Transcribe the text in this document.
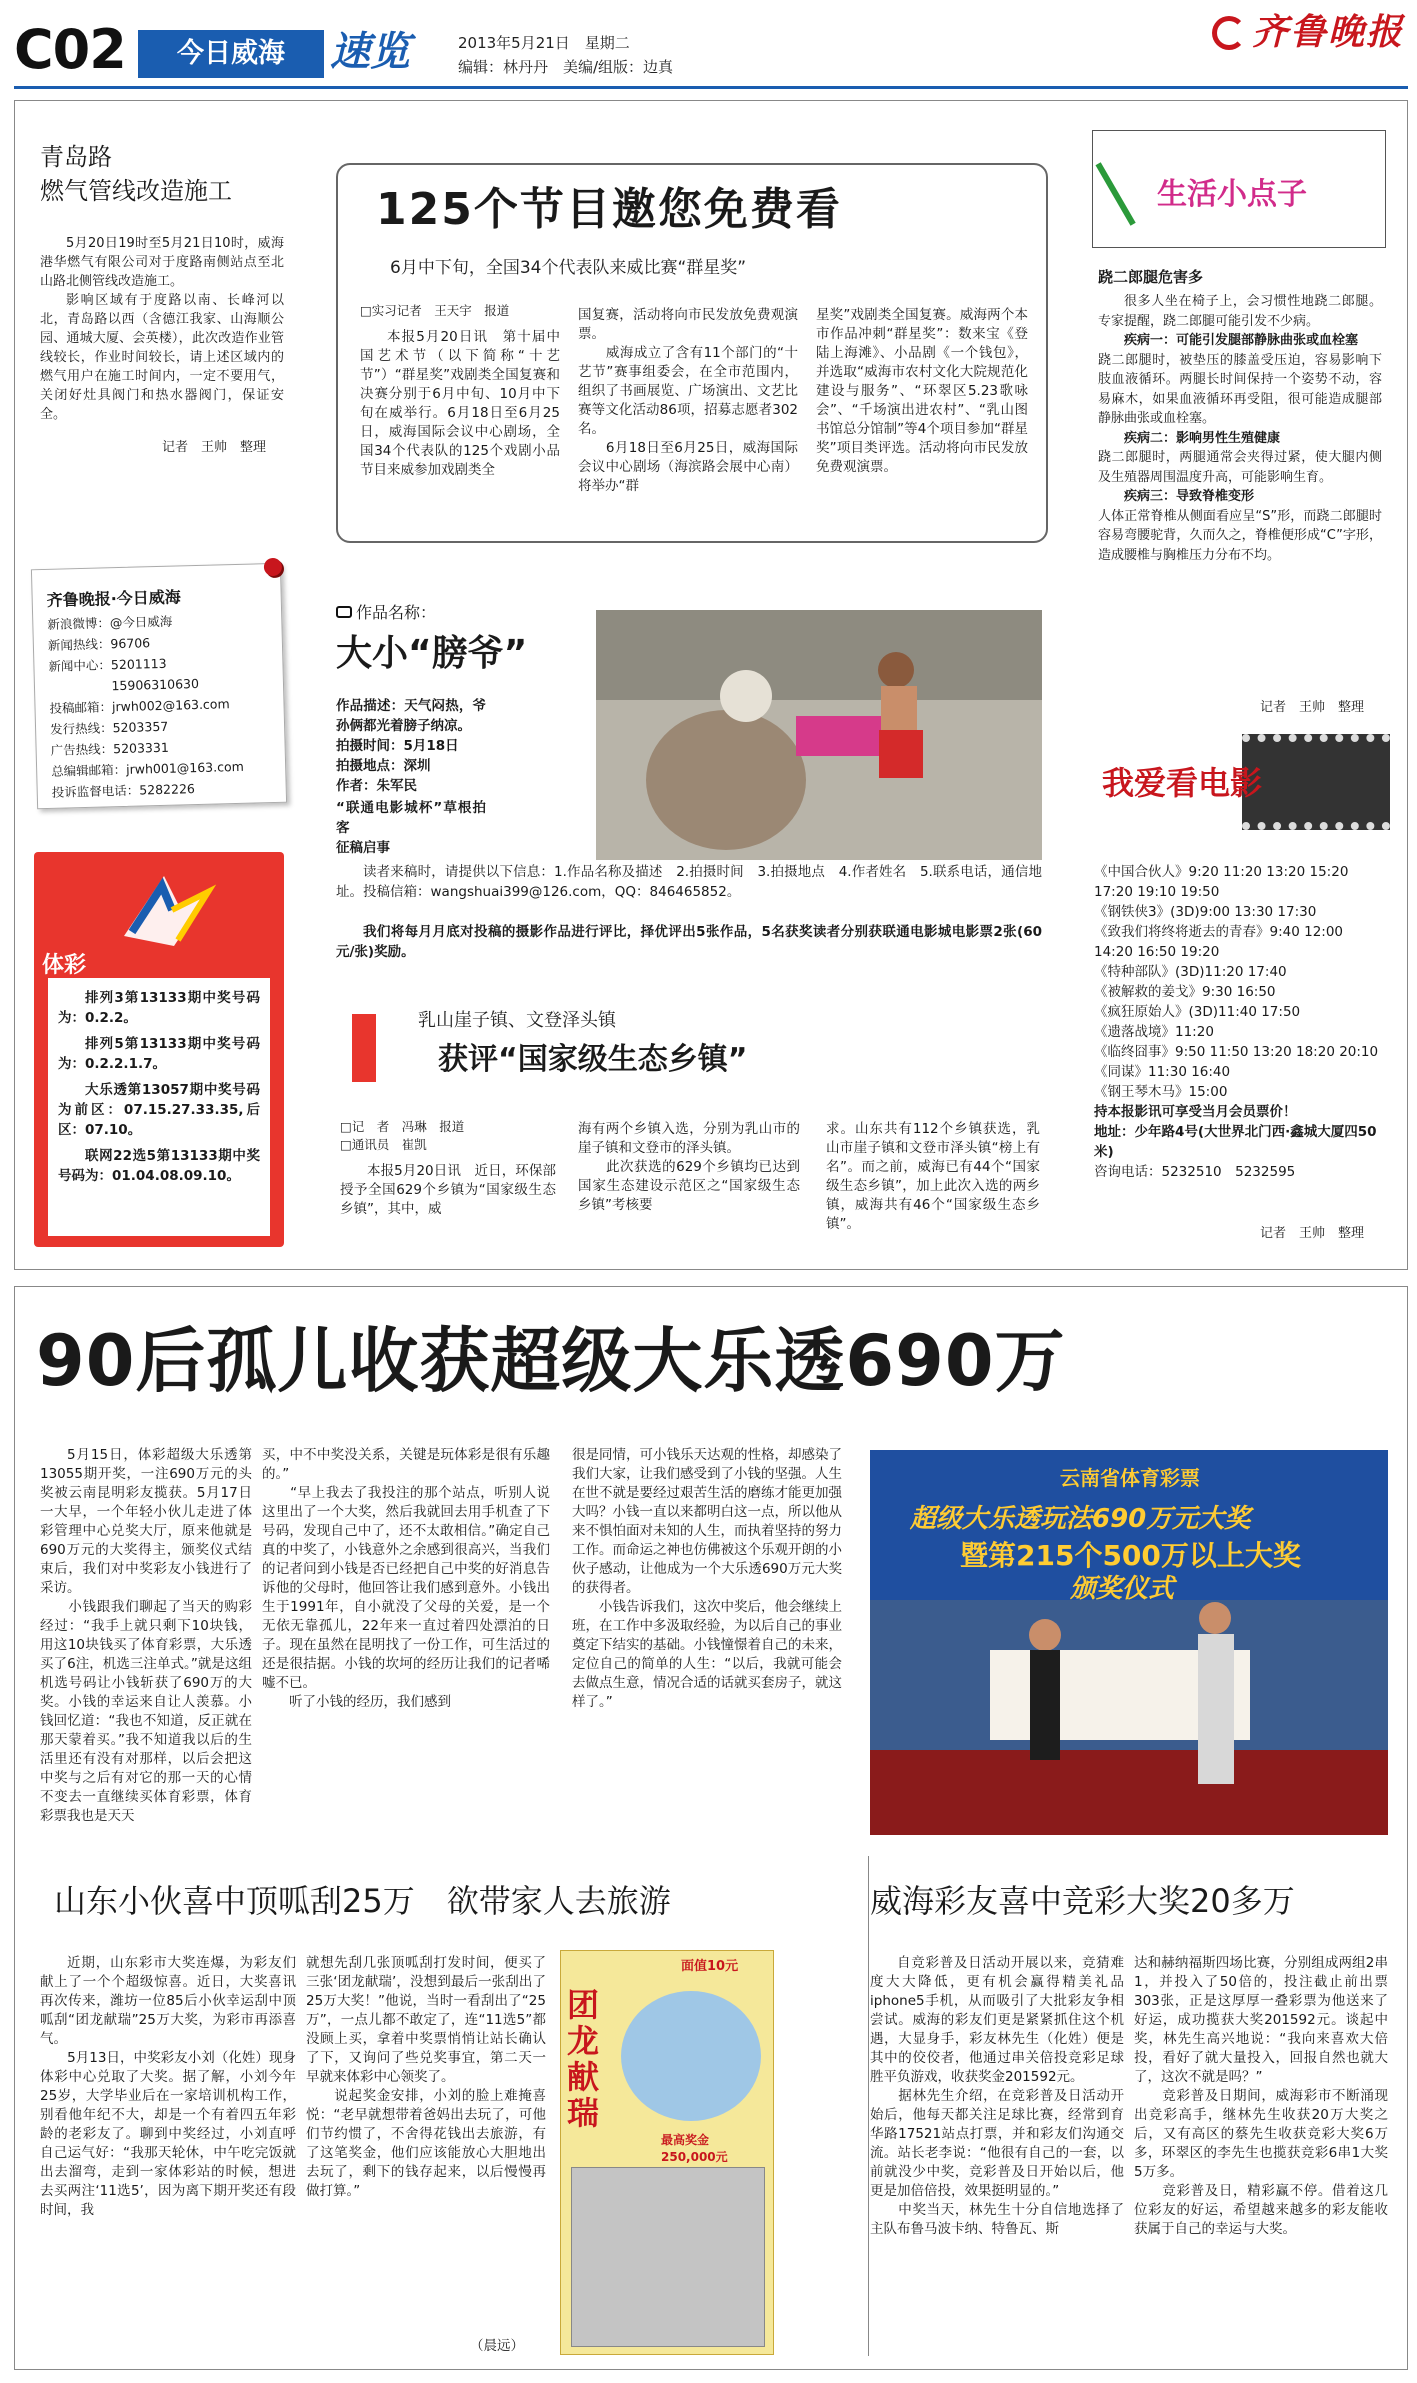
C02	今日威海	速览	2013年5月21日　星期二
编辑：林丹丹　美编/组版：边真
齐鲁晚报
青岛路
燃气管线改造施工

5月20日19时至5月21日10时，威海港华燃气有限公司对于度路南侧站点至北山路北侧管线改造施工。

影响区域有于度路以南、长峰河以北，青岛路以西（含德江我家、山海顺公园、通城大厦、会英楼），此次改造作业管线较长，作业时间较长，请上述区域内的燃气用户在施工时间内，一定不要用气，关闭好灶具阀门和热水器阀门，保证安全。

记者　王帅　整理
齐鲁晚报·今日威海
新浪微博：@今日威海
新闻热线：96706
新闻中心：5201113
　　　　　15906310630
投稿邮箱：jrwh002@163.com
发行热线：5203357
广告热线：5203331
总编辑邮箱：jrwh001@163.com
投诉监督电话：5282226
体彩

排列3第13133期中奖号码为：0.2.2。

排列5第13133期中奖号码为：0.2.2.1.7。

大乐透第13057期中奖号码为前区：07.15.27.33.35,后区：07.10。

联网22选5第13133期中奖号码为：01.04.08.09.10。

125个节目邀您免费看
6月中下旬，全国34个代表队来威比赛“群星奖”
□实习记者　王天宇　报道
本报5月20日讯　第十届中国艺术节（以下简称“十艺节”）“群星奖”戏剧类全国复赛和决赛分别于6月中旬、10月中下旬在威举行。6月18日至6月25日，威海国际会议中心剧场，全国34个代表队的125个戏剧小品节目来威参加戏剧类全
国复赛，活动将向市民发放免费观演票。
　　威海成立了含有11个部门的“十艺节”赛事组委会，在全市范围内，组织了书画展览、广场演出、文艺比赛等文化活动86项，招募志愿者302名。
　　6月18日至6月25日，威海国际会议中心剧场（海滨路会展中心南）将举办“群
星奖”戏剧类全国复赛。威海两个本市作品冲刺“群星奖”：数来宝《登陆上海滩》、小品剧《一个钱包》，并选取“威海市农村文化大院规范化建设与服务”、“环翠区5.23歌咏会”、“千场演出进农村”、“乳山图书馆总分馆制”等4个项目参加“群星奖”项目类评选。活动将向市民发放免费观演票。
作品名称：
大小“膀爷”
作品描述：天气闷热，爷孙俩都光着膀子纳凉。
拍摄时间：5月18日
拍摄地点：深圳
作者：朱军民
“联通电影城杯”草根拍客
征稿启事
读者来稿时，请提供以下信息：1.作品名称及描述　2.拍摄时间　3.拍摄地点　4.作者姓名　5.联系电话，通信地址。投稿信箱：wangshuai399@126.com，QQ：846465852。
我们将每月月底对投稿的摄影作品进行评比，择优评出5张作品，5名获奖读者分别获联通电影城电影票2张(60元/张)奖励。
乳山崖子镇、文登泽头镇
获评“国家级生态乡镇”
□记　者　冯琳　报道
□通讯员　崔凯
本报5月20日讯　近日，环保部授予全国629个乡镇为“国家级生态乡镇”，其中，威
海有两个乡镇入选，分别为乳山市的崖子镇和文登市的泽头镇。
　　此次获选的629个乡镇均已达到国家生态建设示范区之“国家级生态乡镇”考核要
求。山东共有112个乡镇获选，乳山市崖子镇和文登市泽头镇“榜上有名”。而之前，威海已有44个“国家级生态乡镇”，加上此次入选的两乡镇，威海共有46个“国家级生态乡镇”。
生活小点子
跷二郎腿危害多

很多人坐在椅子上，会习惯性地跷二郎腿。专家提醒，跷二郎腿可能引发不少病。

疾病一：可能引发腿部静脉曲张或血栓塞

跷二郎腿时，被垫压的膝盖受压迫，容易影响下肢血液循环。两腿长时间保持一个姿势不动，容易麻木，如果血液循环再受阻，很可能造成腿部静脉曲张或血栓塞。

疾病二：影响男性生殖健康

跷二郎腿时，两腿通常会夹得过紧，使大腿内侧及生殖器周围温度升高，可能影响生育。

疾病三：导致脊椎变形

人体正常脊椎从侧面看应呈“S”形，而跷二郎腿时容易弯腰驼背，久而久之，脊椎便形成“C”字形，造成腰椎与胸椎压力分布不均。

记者　王帅　整理
我爱看电影
《中国合伙人》9:20 11:20 13:20 15:20 17:20 19:10 19:50
《钢铁侠3》(3D)9:00 13:30 17:30
《致我们将终将逝去的青春》9:40 12:00 14:20 16:50 19:20
《特种部队》(3D)11:20 17:40
《被解救的姜戈》9:30 16:50
《疯狂原始人》(3D)11:40 17:50
《遗落战境》11:20
《临终囧事》9:50 11:50 13:20 18:20 20:10
《同谋》11:30 16:40
《钢王琴木马》15:00
持本报影讯可享受当月会员票价！
地址：少年路4号(大世界北门西·鑫城大厦四50米)
咨询电话：5232510　5232595
记者　王帅　整理
90后孤儿收获超级大乐透690万
5月15日，体彩超级大乐透第13055期开奖，一注690万元的头奖被云南昆明彩友揽获。5月17日一大早，一个年轻小伙儿走进了体彩管理中心兑奖大厅，原来他就是690万元的大奖得主，颁奖仪式结束后，我们对中奖彩友小钱进行了采访。
　　小钱跟我们聊起了当天的购彩经过：“我手上就只剩下10块钱，用这10块钱买了体育彩票，大乐透买了6注，机选三注单式。”就是这组机选号码让小钱斩获了690万的大奖。小钱的幸运来自让人羡慕。小钱回忆道：“我也不知道，反正就在那天蒙着买。”我不知道我以后的生活里还有没有对那样，以后会把这中奖与之后有对它的那一天的心情不变去一直继续买体育彩票，体育彩票我也是天天
买，中不中奖没关系，关键是玩体彩是很有乐趣的。”
　　“早上我去了我投注的那个站点，听别人说这里出了一个大奖，然后我就回去用手机查了下号码，发现自己中了，还不太敢相信。”确定自己真的中奖了，小钱意外之余感到很高兴，当我们的记者问到小钱是否已经把自己中奖的好消息告诉他的父母时，他回答让我们感到意外。小钱出生于1991年，自小就没了父母的关爱，是一个无依无靠孤儿，22年来一直过着四处漂泊的日子。现在虽然在昆明找了一份工作，可生活过的还是很拮据。小钱的坎坷的经历让我们的记者唏嘘不已。
　　听了小钱的经历，我们感到
很是同情，可小钱乐天达观的性格，却感染了我们大家，让我们感受到了小钱的坚强。人生在世不就是要经过艰苦生活的磨练才能更加强大吗？小钱一直以来都明白这一点，所以他从来不惧怕面对未知的人生，而执着坚持的努力工作。而命运之神也仿佛被这个乐观开朗的小伙子感动，让他成为一个大乐透690万元大奖的获得者。
　　小钱告诉我们，这次中奖后，他会继续上班，在工作中多汲取经验，为以后自己的事业奠定下结实的基础。小钱憧憬着自己的未来，定位自己的简单的人生：“以后，我就可能会去做点生意，情况合适的话就买套房子，就这样了。”
云南省体育彩票
超级大乐透玩法690万元大奖
暨第215个500万以上大奖
颁奖仪式
山东小伙喜中顶呱刮25万　欲带家人去旅游
近期，山东彩市大奖连爆，为彩友们献上了一个个超级惊喜。近日，大奖喜讯再次传来，潍坊一位85后小伙幸运刮中顶呱刮“团龙献瑞”25万大奖，为彩市再添喜气。
　　5月13日，中奖彩友小刘（化姓）现身体彩中心兑取了大奖。据了解，小刘今年25岁，大学毕业后在一家培训机构工作，别看他年纪不大，却是一个有着四五年彩龄的老彩友了。聊到中奖经过，小刘直呼自己运气好：“我那天轮休，中午吃完饭就出去溜弯，走到一家体彩站的时候，想进去买两注‘11选5’，因为离下期开奖还有段时间，我
就想先刮几张顶呱刮打发时间，便买了三张‘团龙献瑞’，没想到最后一张刮出了25万大奖！”他说，当时一看刮出了“25万”，一点儿都不敢定了，连“11选5”都没顾上买，拿着中奖票悄悄让站长确认了下，又询问了些兑奖事宜，第二天一早就来体彩中心领奖了。
　　说起奖金安排，小刘的脸上难掩喜悦：“老早就想带着爸妈出去玩了，可他们节约惯了，不舍得花钱出去旅游，有了这笔奖金，他们应该能放心大胆地出去玩了，剩下的钱存起来，以后慢慢再做打算。”
（晨远）
面值10元
团龙献瑞
最高奖金 250,000元
威海彩友喜中竞彩大奖20多万
自竞彩普及日活动开展以来，竞猜难度大大降低，更有机会赢得精美礼品iphone5手机，从而吸引了大批彩友争相尝试。威海的彩友们更是紧紧抓住这个机遇，大显身手，彩友林先生（化姓）便是其中的佼佼者，他通过串关倍投竞彩足球胜平负游戏，收获奖金201592元。
　　据林先生介绍，在竞彩普及日活动开始后，他每天都关注足球比赛，经常到育华路17521站点打票，并和彩友们沟通交流。站长老李说：“他很有自己的一套，以前就没少中奖，竞彩普及日开始以后，他更是加倍倍投，效果挺明显的。”
　　中奖当天，林先生十分自信地选择了主队布鲁马波卡纳、特鲁瓦、斯
达和赫纳福斯四场比赛，分别组成两组2串1，并投入了50倍的，投注截止前出票303张，正是这厚厚一叠彩票为他送来了好运，成功揽获大奖201592元。谈起中奖，林先生高兴地说：“我向来喜欢大倍投，看好了就大量投入，回报自然也就大了，这次不就是吗？”
　　竞彩普及日期间，威海彩市不断涌现出竞彩高手，继林先生收获20万大奖之后，又有高区的蔡先生收获竞彩大奖6万多，环翠区的李先生也揽获竞彩6串1大奖5万多。
　　竞彩普及日，精彩赢不停。借着这几位彩友的好运，希望越来越多的彩友能收获属于自己的幸运与大奖。
